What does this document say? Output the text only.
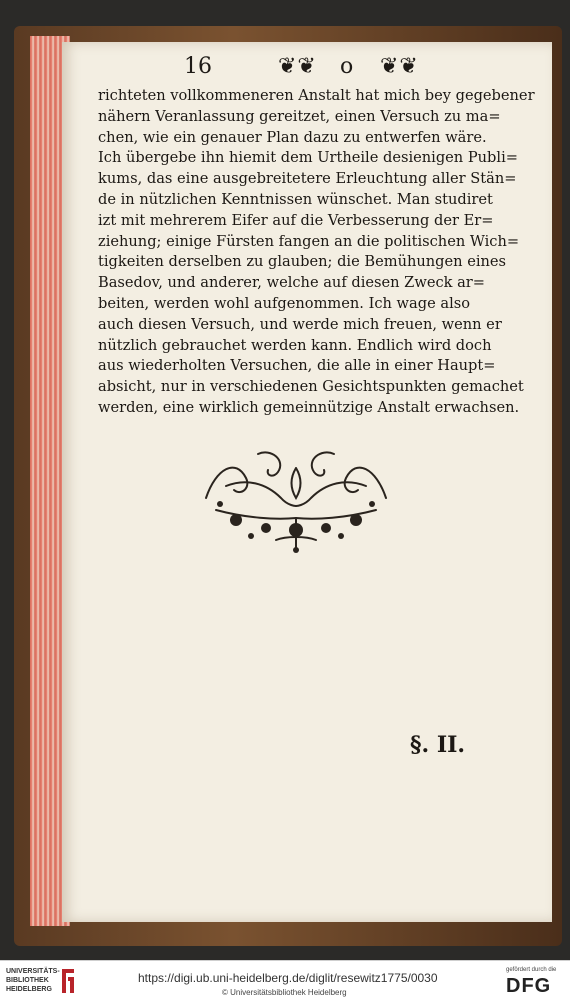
16	❦❦ o ❦❦
richteten vollkommeneren Anstalt hat mich bey gegebener
nähern Veranlassung gereitzet, einen Versuch zu ma=
chen, wie ein genauer Plan dazu zu entwerfen wäre.
Ich übergebe ihn hiemit dem Urtheile desienigen Publi=
kums, das eine ausgebreitetere Erleuchtung aller Stän=
de in nützlichen Kenntnissen wünschet. Man studiret
izt mit mehrerem Eifer auf die Verbesserung der Er=
ziehung; einige Fürsten fangen an die politischen Wich=
tigkeiten derselben zu glauben; die Bemühungen eines
Basedov, und anderer, welche auf diesen Zweck ar=
beiten, werden wohl aufgenommen. Ich wage also
auch diesen Versuch, und werde mich freuen, wenn er
nützlich gebrauchet werden kann. Endlich wird doch
aus wiederholten Versuchen, die alle in einer Haupt=
absicht, nur in verschiedenen Gesichtspunkten gemachet
werden, eine wirklich gemeinnützige Anstalt erwachsen.
§. II.
UNIVERSITÄTS-
BIBLIOTHEK
HEIDELBERG
https://digi.ub.uni-heidelberg.de/diglit/resewitz1775/0030
© Universitätsbibliothek Heidelberg
gefördert durch die
DFG
